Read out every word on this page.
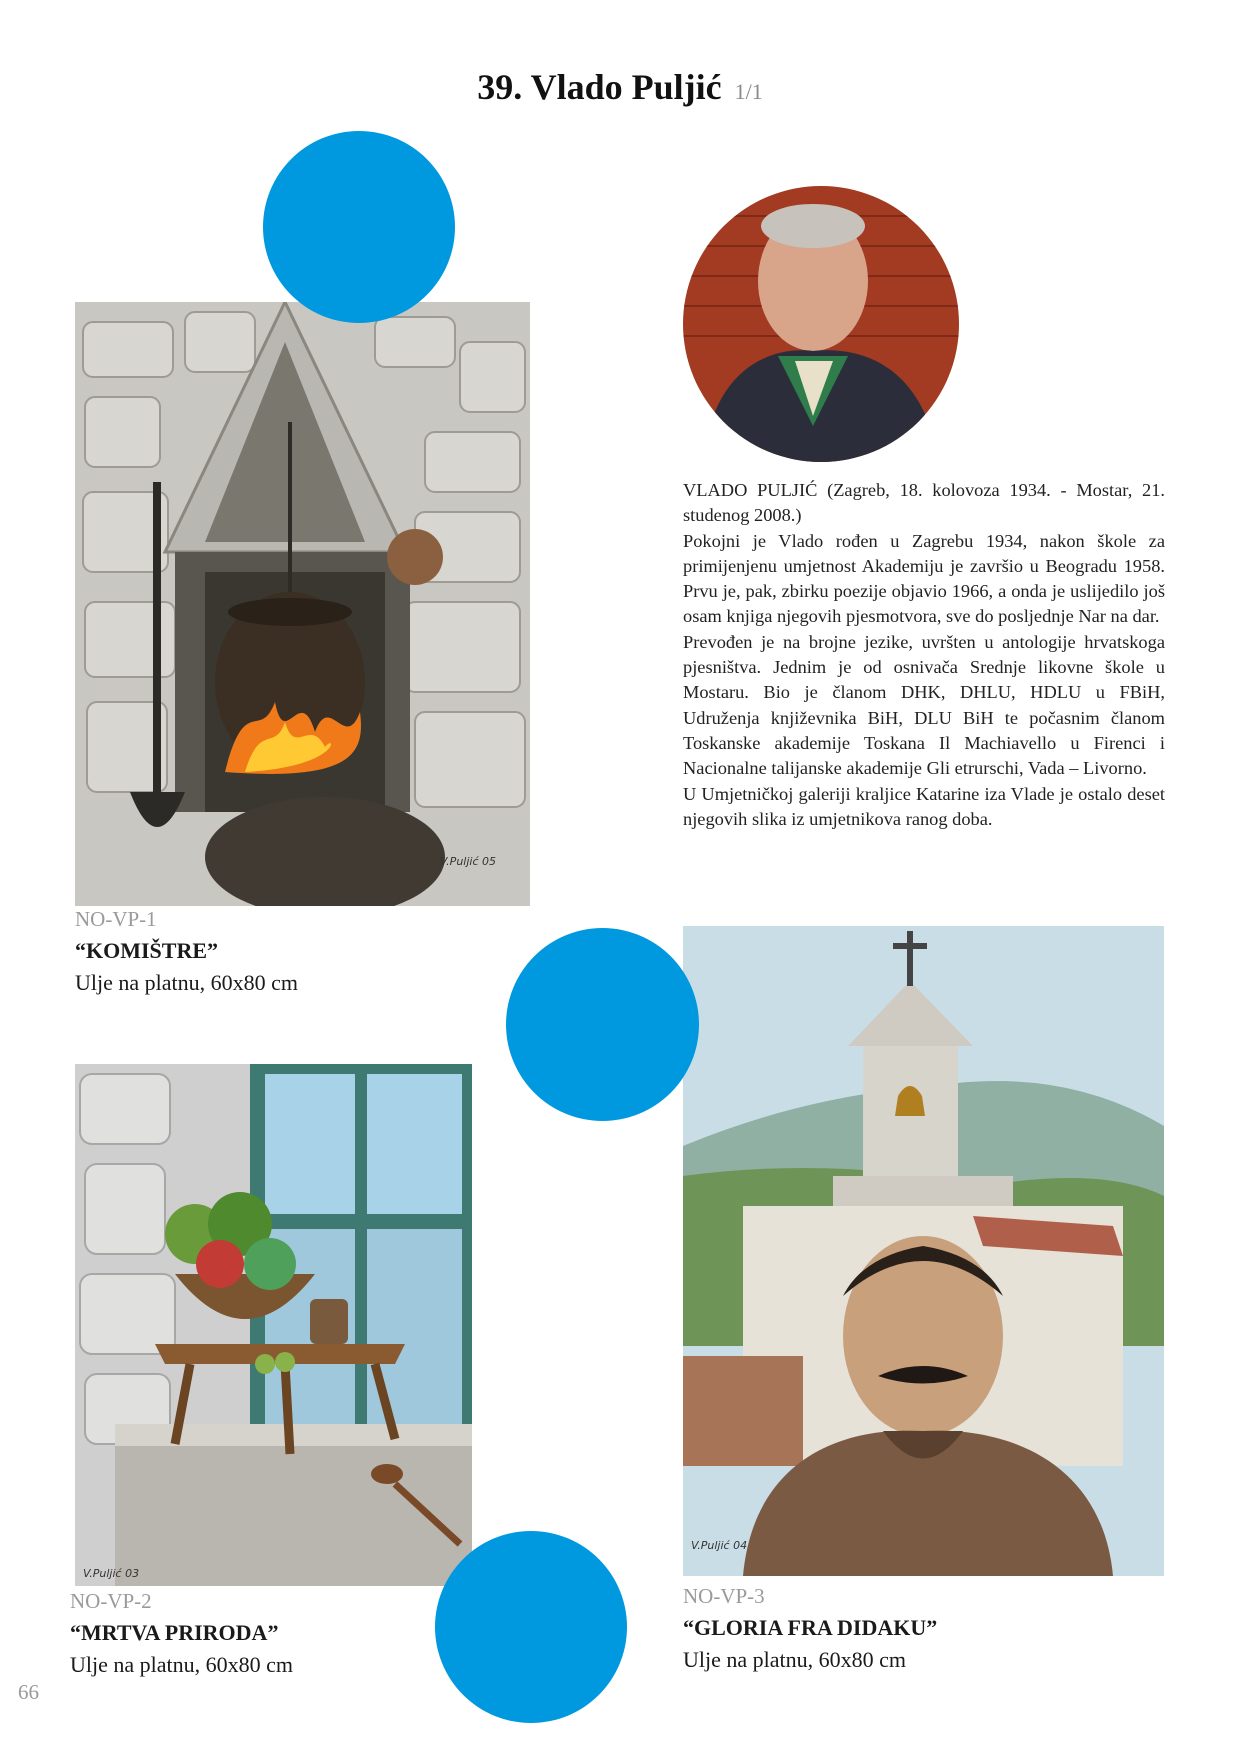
39. Vlado Puljić 1/1
V.Puljić 05
NO-VP-1
“KOMIŠTRE”
Ulje na platnu, 60x80 cm

VLADO PULJIĆ (Zagreb, 18. kolovoza 1934. - Mostar, 21. studenog 2008.)

Pokojni je Vlado rođen u Zagrebu 1934, nakon škole za primijenjenu umjetnost Akademiju je završio u Beogradu 1958. Prvu je, pak, zbirku poezije objavio 1966, a onda je uslijedilo još osam knjiga njegovih pjesmotvora, sve do posljednje Nar na dar.

Prevođen je na brojne jezike, uvršten u antologije hrvatskoga pjesništva. Jednim je od osnivača Srednje likovne škole u Mostaru. Bio je članom DHK, DHLU, HDLU u FBiH, Udruženja književnika BiH, DLU BiH te počasnim članom Toskanske akademije Toskana Il Machiavello u Firenci i Nacionalne talijanske akademije Gli etrurschi, Vada – Livorno.

U Umjetničkoj galeriji kraljice Katarine iza Vlade je ostalo deset njegovih slika iz umjetnikova ranog doba.

V.Puljić 03
NO-VP-2
“MRTVA PRIRODA”
Ulje na platnu, 60x80 cm
V.Puljić 04
NO-VP-3
“GLORIA FRA DIDAKU”
Ulje na platnu, 60x80 cm
66
